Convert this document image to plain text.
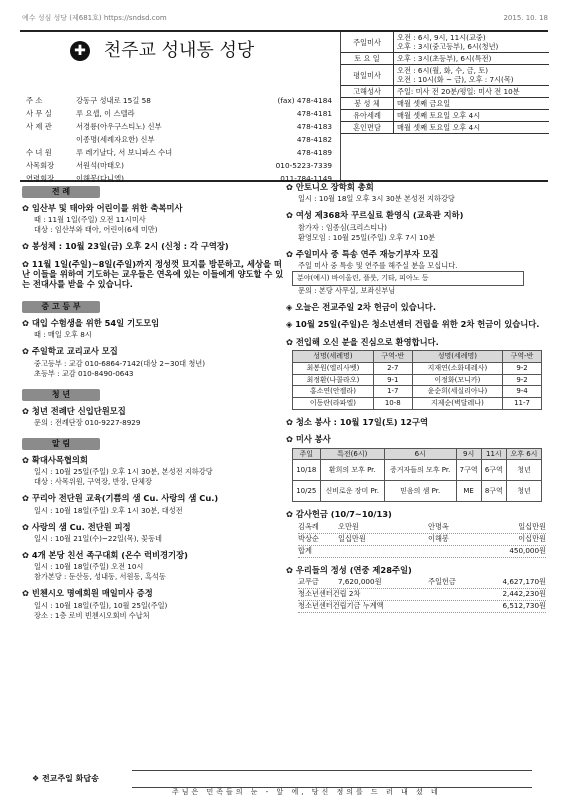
예수 성심 성당 (제681호) https://sndsd.com	2015. 10. 18
✚ 천주교 성내동 성당
주 소	강동구 성내로 15길 58	(fax) 478-4184
사 무 실	루 요셉, 이 스텔라	478-4181
사 제 관	서경룡(아우구스티노) 신부	478-4183
이종명(세례자요한) 신부	478-4182
수 녀 원	루 레기날다, 서 보니파스 수녀	478-4189
사목회장	서원석(마태오)	010-5223-7339
연령회장	이해봉(다니엘)	011-784-1149
주일미사	오전 : 6시, 9시, 11시(교중)
오후 : 3시(중고등부), 6시(청년)

토 요 일	오후 : 3시(초등부), 6시(특전)

평일미사	오전 : 6시(월, 화, 수, 금, 토)
오전 : 10시(화 ~ 금), 오후 : 7시(목)

고해성사	주일: 미사 전 20분/평일: 미사 전 10분

봉 성 체	매월 셋째 금요일

유아세례	매월 셋째 토요일 오후 4시

혼인면담	매월 셋째 토요일 오후 4시
전 례
✿ 임산부 및 태아와 어린이를 위한 축복미사
때 : 11월 1일(주일) 오전 11시미사
대상 : 임산부와 태아, 어린이(6세 미만)
✿ 봉성체 : 10월 23일(금) 오후 2시 (신청 : 각 구역장)
✿ 11월 1일(주일)~8일(주일)까지 정성껏 묘지를 방문하고, 세상을 떠난 이들을 위하여 기도하는 교우들은 연옥에 있는 이들에게 양도할 수 있는 전대사를 받을 수 있습니다.
중 고 등 부
✿ 대입 수험생을 위한 54일 기도모임
때 : 매일 오후 8시
✿ 주일학교 교리교사 모집
중고등부 : 교감 010-6864-7142(대상 2~30대 청년)
초등부 : 교감 010-8490-0643
청 년
✿ 청년 전례단 신입단원모집
문의 : 전례단장 010-9227-8929
알 림
✿ 확대사목협의회
일시 : 10월 25일(주일) 오후 1시 30분, 본성전 지하강당
대상 : 사목위원, 구역장, 반장, 단체장
✿ 꾸리아 전단원 교육(기쁨의 샘 Cu. 사랑의 샘 Cu.)
일시 : 10월 18일(주일) 오후 1시 30분, 대성전
✿ 사랑의 샘 Cu. 전단원 피정
일시 : 10월 21일(수)~22일(목), 꽃동네
✿ 4개 본당 친선 족구대회 (온수 럭비경기장)
일시 : 10월 18일(주일) 오전 10시
참가본당 : 둔산동, 성내동, 서원동, 흑석동
✿ 빈첸시오 명예회원 매일미사 증정
일시 : 10월 18일(주일), 10월 25일(주일)
장소 : 1층 로비 빈첸시오회비 수납처
✿ 안토니오 장학회 총회
일시 : 10월 18일 오후 3시 30분 본성전 지하강당
✿ 여성 제368차 꾸르실료 환영식 (교육관 지하)
참가자 : 임종심(크리스티나)
환영모임 : 10월 25일(주일) 오후 7시 10분
✿ 주일미사 중 특송 연주 재능기부자 모집
주일 미사 중 특송 및 연주를 해주실 분을 모십니다.
분야(예시) 바이올린, 플룻, 기타, 피아노 등
문의 : 본당 사무실, 보좌신부님
◈ 오늘은 전교주일 2차 헌금이 있습니다.
◈ 10월 25일(주일)은 청소년센터 건립을 위한 2차 헌금이 있습니다.
✿ 전입해 오신 분을 진심으로 환영합니다.
성명(세례명)	구역-반	성명(세례명)	구역-반
최봉원(엘리사벳)	2-7	지재연(소화데레사)	9-2
최정환(나콜라오)	9-1	이정화(모니카)	9-2
홍소연(안젤라)	1-7	윤순희(세실리아나)	9-4
이동란(라파엘)	10-8	지제순(벽달레나)	11-7
✿ 청소 봉사 : 10월 17일(토) 12구역
✿ 미사 봉사
주일	특전(6시)	6시	9시	11시	오후 6시
10/18	환희의 모후 Pr.	증거자들의 모후 Pr.	7구역	6구역	청년
10/25	신비로운 장미 Pr.	믿음의 샘 Pr.	ME	8구역	청년
✿ 감사헌금 (10/7~10/13)
김옥례	오만원	안명옥	일십만원
박상순	일십만원	이해봉	이십만원
합계	450,000원
✿ 우리들의 정성 (연중 제28주일)
교무금	7,620,000원	주일헌금	4,627,170원
청소년센터건립 2차	2,442,230원
청소년센터건립기금 누계액	6,512,730원
❖ 전교주일 화답송
주님은 민족들의 눈 - 앞 에, 당신 정의를 드 러 내 셨 네
